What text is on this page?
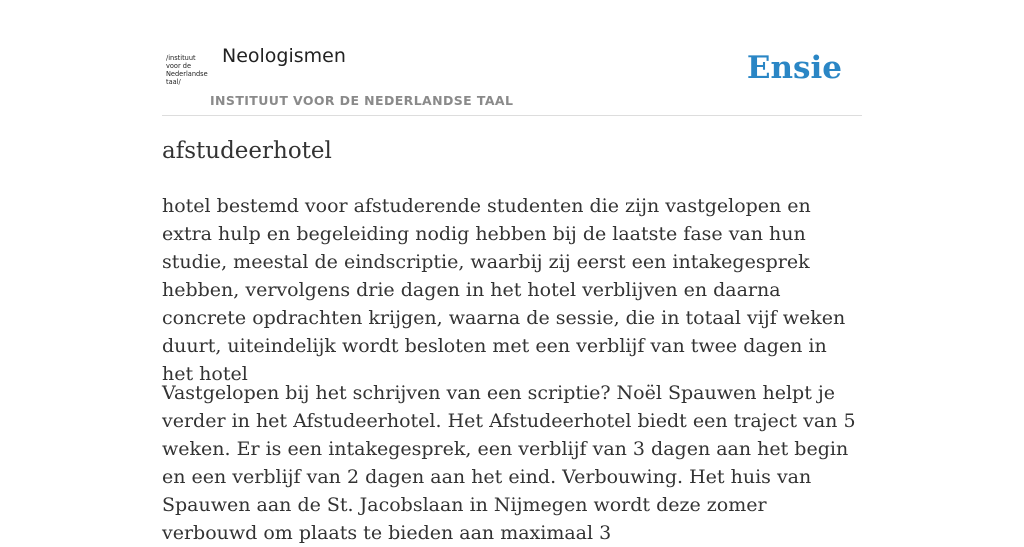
/instituut
voor de
Nederlandse
taal/
Neologismen
INSTITUUT VOOR DE NEDERLANDSE TAAL
Ensie
afstudeerhotel

hotel bestemd voor afstuderende studenten die zijn vastgelopen en extra hulp en begeleiding nodig hebben bij de laatste fase van hun studie, meestal de eindscriptie, waarbij zij eerst een intakegesprek hebben, vervolgens drie dagen in het hotel verblijven en daarna concrete opdrachten krijgen, waarna de sessie, die in totaal vijf weken duurt, uiteindelijk wordt besloten met een verblijf van twee dagen in het hotel

Vastgelopen bij het schrijven van een scriptie? Noël Spauwen helpt je verder in het Afstudeerhotel. Het Afstudeerhotel biedt een traject van 5 weken. Er is een intakegesprek, een verblijf van 3 dagen aan het begin en een verblijf van 2 dagen aan het eind. Verbouwing. Het huis van Spauwen aan de St. Jacobslaan in Nijmegen wordt deze zomer verbouwd om plaats te bieden aan maximaal 3
